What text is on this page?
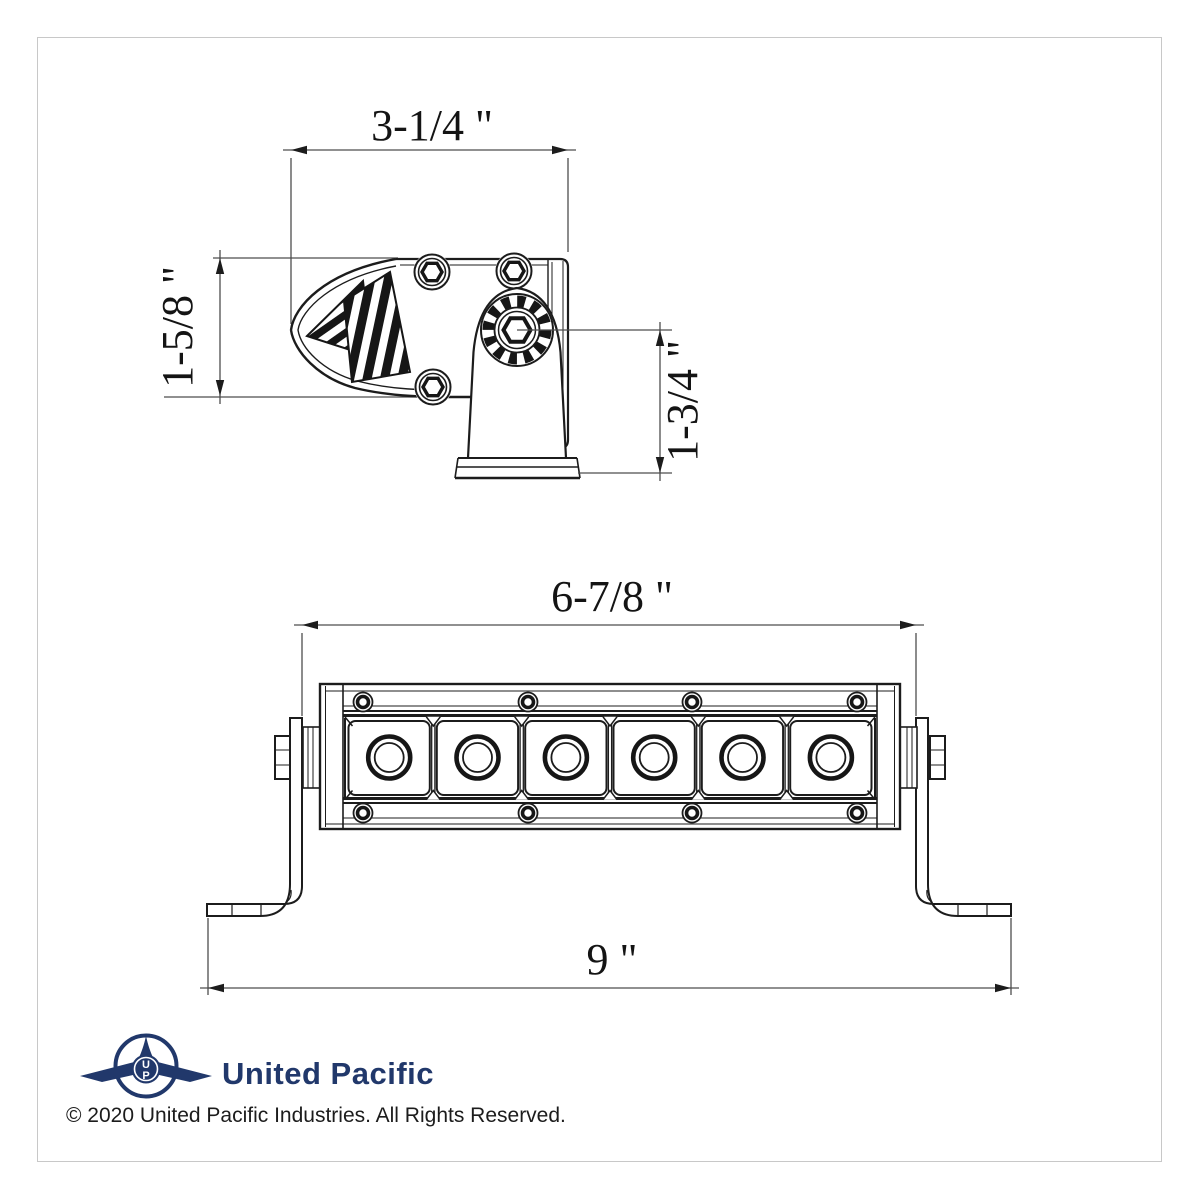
3-1/4 "
1-5/8 "
1-3/4 "
6-7/8 "
9 "
U
P United Pacific
© 2020 United Pacific Industries. All Rights Reserved.
